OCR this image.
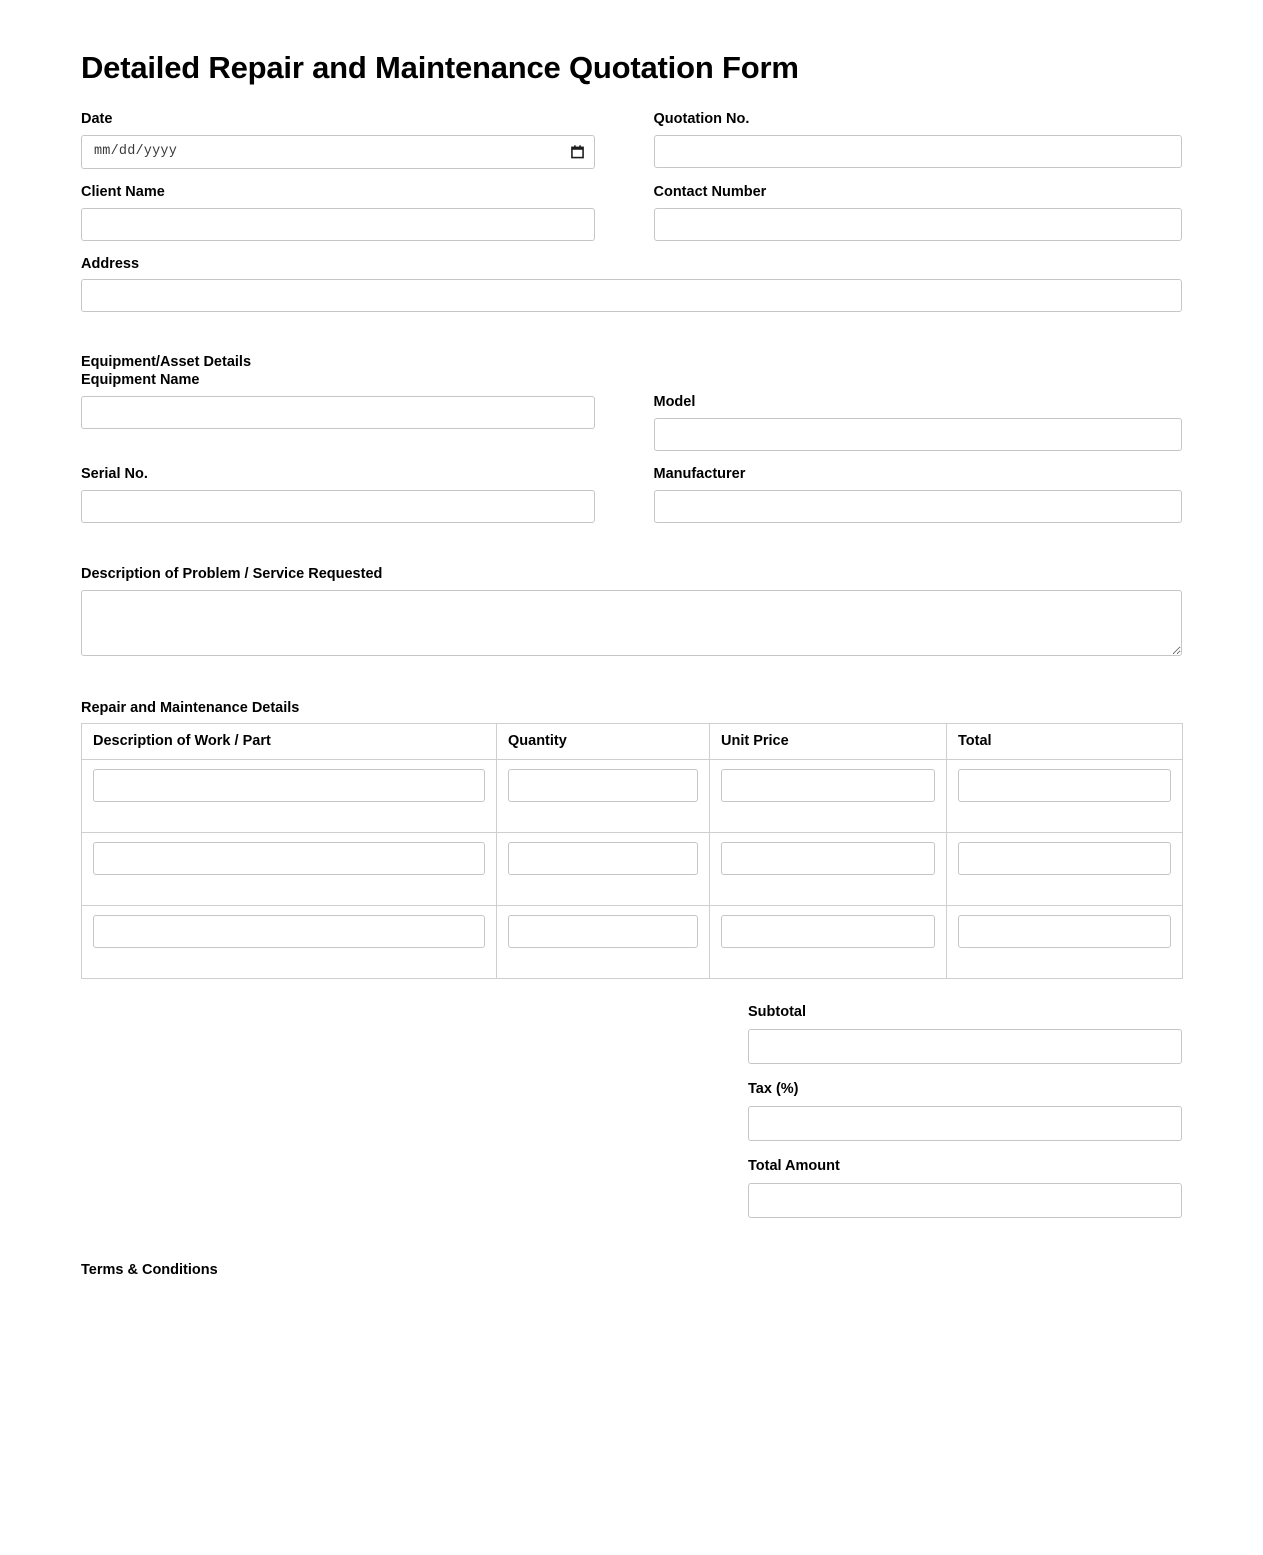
Detailed Repair and Maintenance Quotation Form
Date
mm/dd/yyyy
Quotation No.
Client Name	Contact Number
Address
Equipment/Asset Details
Equipment Name
Model
Serial No.	Manufacturer
Description of Problem / Service Requested
Repair and Maintenance Details
Description of Work / Part	Quantity	Unit Price	Total

Subtotal
Tax (%)
Total Amount
Terms & Conditions
